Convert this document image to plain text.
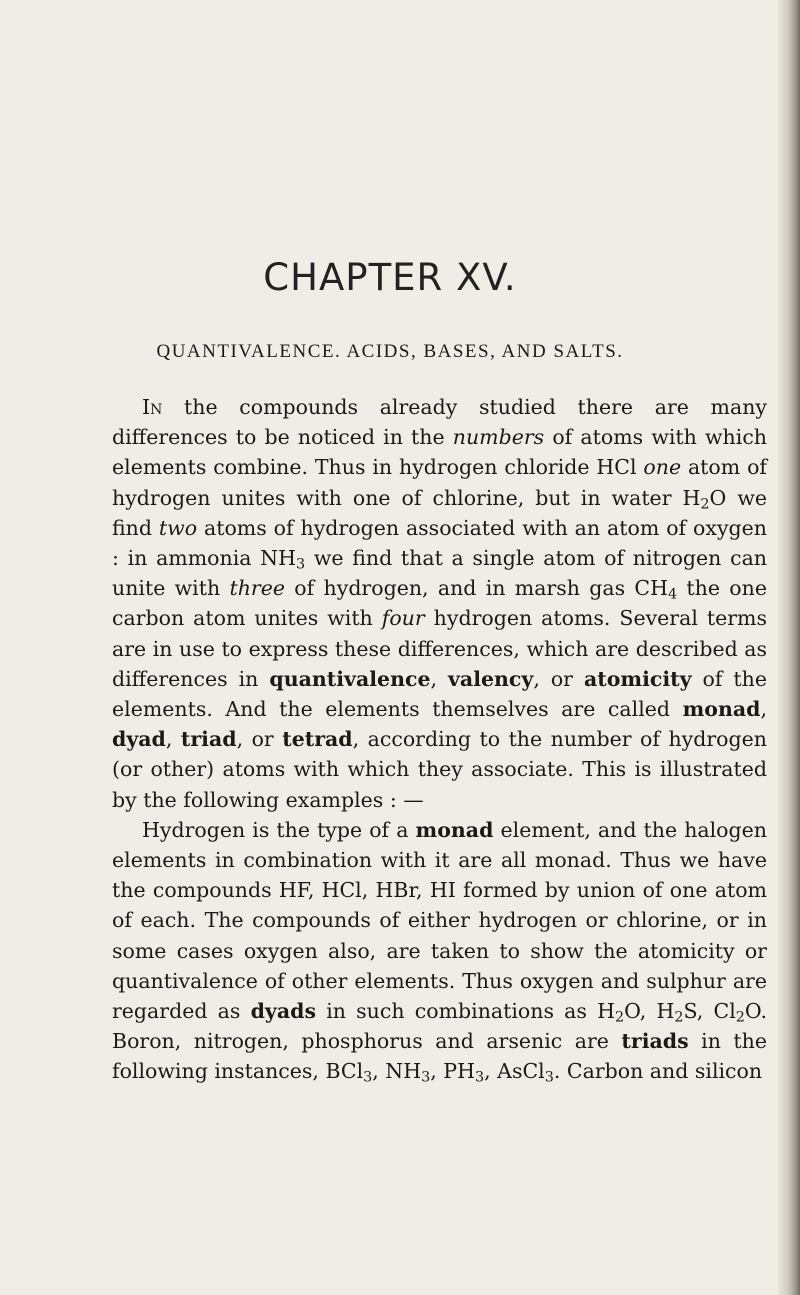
CHAPTER XV.
QUANTIVALENCE. ACIDS, BASES, AND SALTS.

In the compounds already studied there are many differences to be noticed in the numbers of atoms with which elements combine. Thus in hydrogen chloride HCl one atom of hydrogen unites with one of chlorine, but in water $H_2O$ we find two atoms of hydrogen associated with an atom of oxygen : in ammonia $NH_3$ we find that a single atom of nitrogen can unite with three of hydrogen, and in marsh gas $CH_4$ the one carbon atom unites with four hydrogen atoms. Several terms are in use to express these differences, which are described as differences in quantivalence, valency, or atomicity of the elements. And the elements themselves are called monad, dyad, triad, or tetrad, according to the number of hydrogen (or other) atoms with which they associate. This is illustrated by the following examples : —

Hydrogen is the type of a monad element, and the halogen elements in combination with it are all monad. Thus we have the compounds HF, HCl, HBr, HI formed by union of one atom of each. The compounds of either hydrogen or chlorine, or in some cases oxygen also, are taken to show the atomicity or quantivalence of other elements. Thus oxygen and sulphur are regarded as dyads in such combinations as $H_2O$, $H_2S$, $Cl_2O$. Boron, nitrogen, phosphorus and arsenic are triads in the following instances, BCl$_3$, $NH_3$, $PH_3$, AsCl$_3$. Carbon and silicon
